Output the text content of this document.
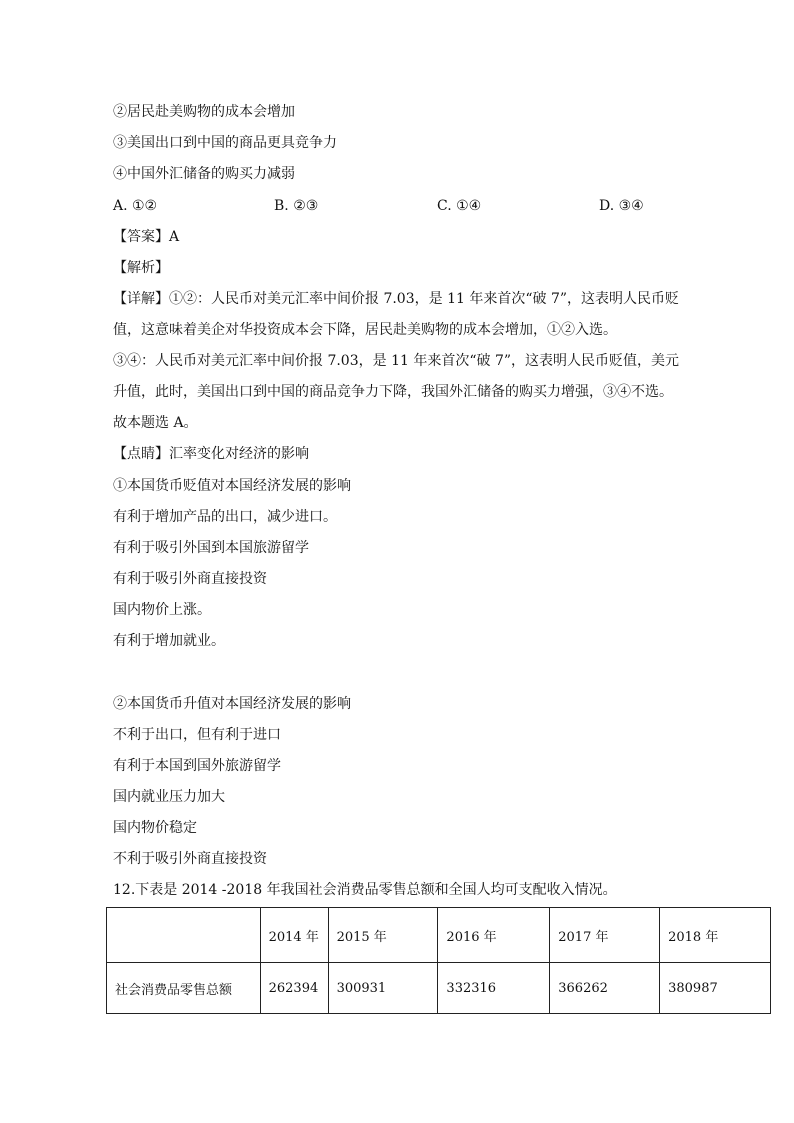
②居民赴美购物的成本会增加
③美国出口到中国的商品更具竞争力
④中国外汇储备的购买力减弱
A. ①②	B. ②③	C. ①④	D. ③④
【答案】A
【解析】
【详解】①②：人民币对美元汇率中间价报 7.03，是 11 年来首次“破 7”，这表明人民币贬
值，这意味着美企对华投资成本会下降，居民赴美购物的成本会增加，①②入选。
③④：人民币对美元汇率中间价报 7.03，是 11 年来首次“破 7”，这表明人民币贬值，美元
升值，此时，美国出口到中国的商品竞争力下降，我国外汇储备的购买力增强，③④不选。
故本题选 A。
【点睛】汇率变化对经济的影响
①本国货币贬值对本国经济发展的影响
有利于增加产品的出口，减少进口。
有利于吸引外国到本国旅游留学
有利于吸引外商直接投资
国内物价上涨。
有利于增加就业。
②本国货币升值对本国经济发展的影响
不利于出口，但有利于进口
有利于本国到国外旅游留学
国内就业压力加大
国内物价稳定
不利于吸引外商直接投资
12.下表是 2014 -2018 年我国社会消费品零售总额和全国人均可支配收入情况。
	2014 年	2015 年	2016 年	2017 年	2018 年
社会消费品零售总额	262394	300931	332316	366262	380987
